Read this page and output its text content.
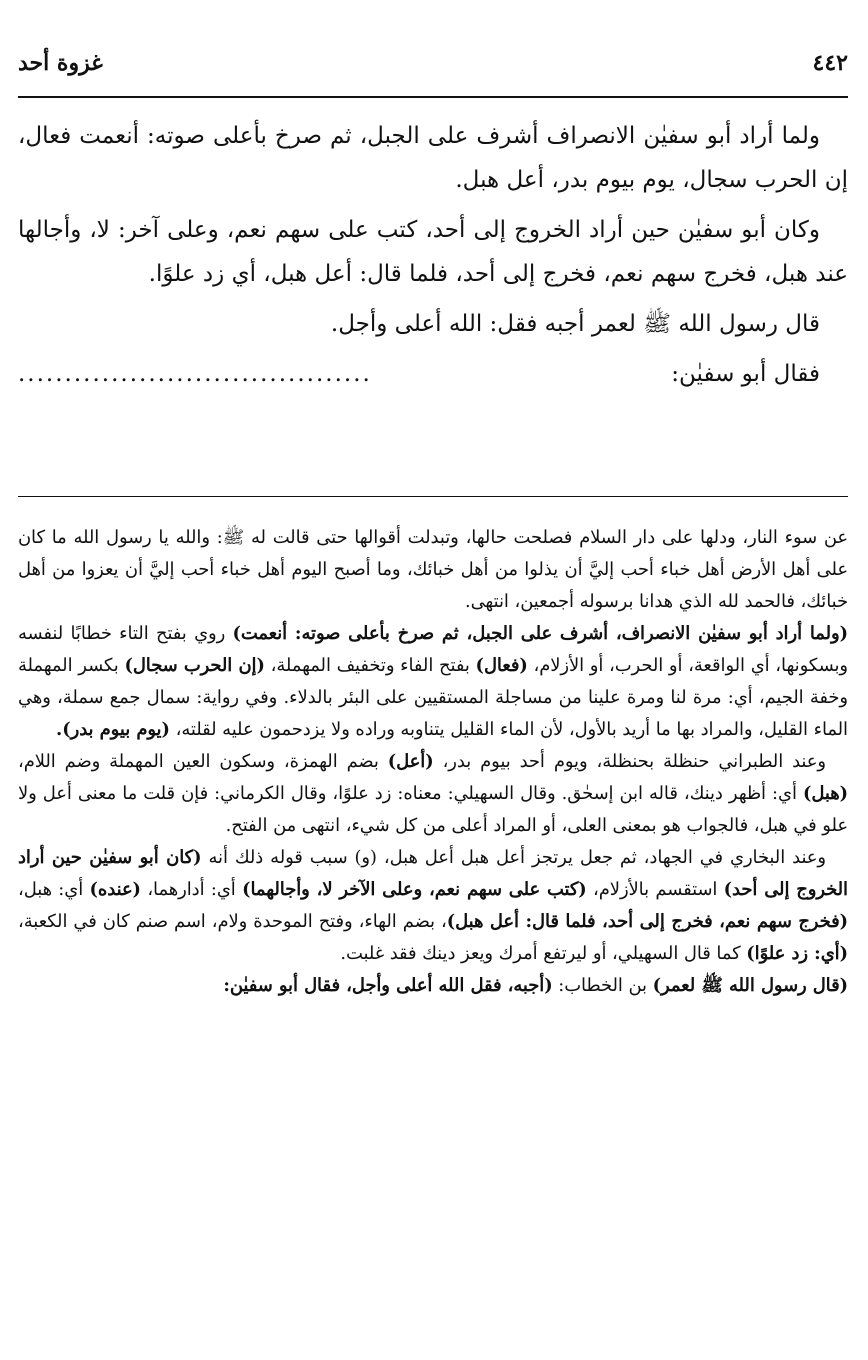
٤٤٢
غزوة أحد

ولما أراد أبو سفيٰن الانصراف أشرف على الجبل، ثم صرخ بأعلى صوته: أنعمت فعال، إن الحرب سجال، يوم بيوم بدر، أعل هبل.

وكان أبو سفيٰن حين أراد الخروج إلى أحد، كتب على سهم نعم، وعلى آخر: لا، وأجالها عند هبل، فخرج سهم نعم، فخرج إلى أحد، فلما قال: أعل هبل، أي زد علوًا.

قال رسول الله ﷺ لعمر أجبه فقل: الله أعلى وأجل.

فقال أبو سفيٰن:
......................................

عن سوء النار، ودلها على دار السلام فصلحت حالها، وتبدلت أقوالها حتى قالت له ﷺ: والله يا رسول الله ما كان على أهل الأرض أهل خباء أحب إليَّ أن يذلوا من أهل خبائك، وما أصبح اليوم أهل خباء أحب إليَّ أن يعزوا من أهل خبائك، فالحمد لله الذي هدانا برسوله أجمعين، انتهى.

(ولما أراد أبو سفيٰن الانصراف، أشرف على الجبل، ثم صرخ بأعلى صوته: أنعمت) روي بفتح التاء خطابًا لنفسه وبسكونها، أي الواقعة، أو الحرب، أو الأزلام، (فعال) بفتح الفاء وتخفيف المهملة، (إن الحرب سجال) بكسر المهملة وخفة الجيم، أي: مرة لنا ومرة علينا من مساجلة المستقيين على البئر بالدلاء. وفي رواية: سمال جمع سملة، وهي الماء القليل، والمراد بها ما أريد بالأول، لأن الماء القليل يتناوبه وراده ولا يزدحمون عليه لقلته، (يوم بيوم بدر).

وعند الطبراني حنظلة بحنظلة، ويوم أحد بيوم بدر، (أعل) بضم الهمزة، وسكون العين المهملة وضم اللام، (هبل) أي: أظهر دينك، قاله ابن إسحٰق. وقال السهيلي: معناه: زد علوًا، وقال الكرماني: فإن قلت ما معنى أعل ولا علو في هبل، فالجواب هو بمعنى العلى، أو المراد أعلى من كل شيء، انتهى من الفتح.

وعند البخاري في الجهاد، ثم جعل يرتجز أعل هبل أعل هبل، (و) سبب قوله ذلك أنه (كان أبو سفيٰن حين أراد الخروج إلى أحد) استقسم بالأزلام، (كتب على سهم نعم، وعلى الآخر لا، وأجالهما) أي: أدارهما، (عنده) أي: هبل، (فخرج سهم نعم، فخرج إلى أحد، فلما قال: أعل هبل)، بضم الهاء، وفتح الموحدة ولام، اسم صنم كان في الكعبة، (أي: زد علوًا) كما قال السهيلي، أو ليرتفع أمرك ويعز دينك فقد غلبت.

(قال رسول الله ﷺ لعمر) بن الخطاب: (أجبه، فقل الله أعلى وأجل، فقال أبو سفيٰن:
